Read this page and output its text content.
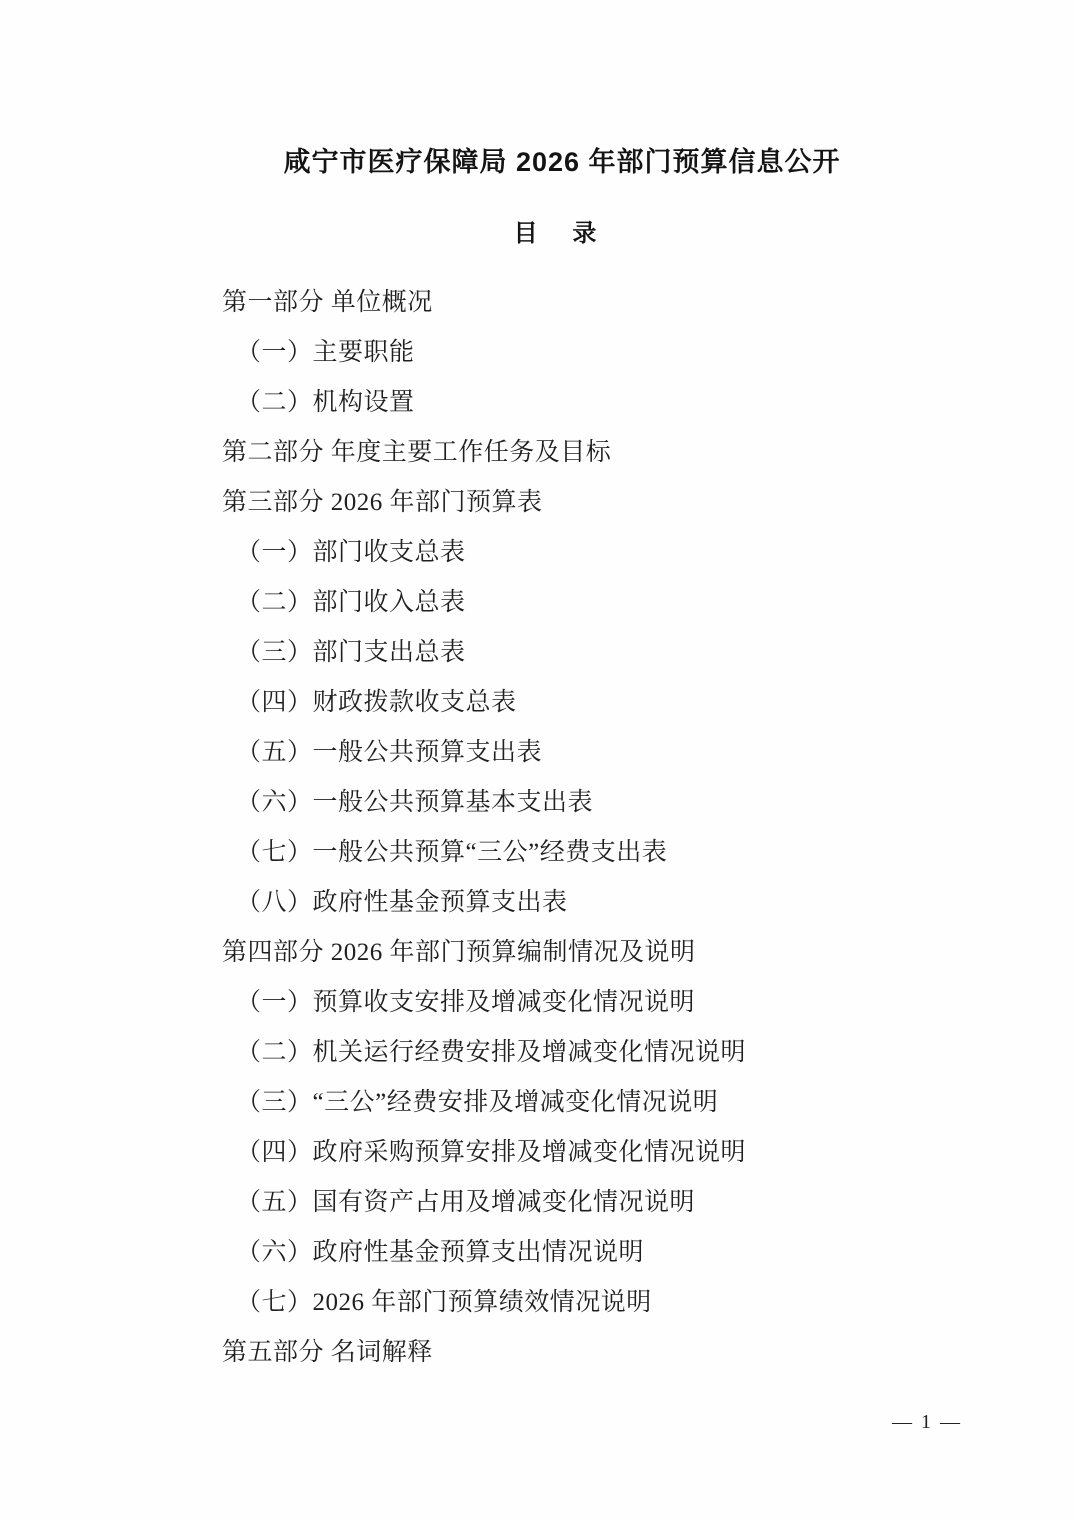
咸宁市医疗保障局 2026 年部门预算信息公开
目 录
第一部分 单位概况
（一）主要职能
（二）机构设置
第二部分 年度主要工作任务及目标
第三部分 2026 年部门预算表
（一）部门收支总表
（二）部门收入总表
（三）部门支出总表
（四）财政拨款收支总表
（五）一般公共预算支出表
（六）一般公共预算基本支出表
（七）一般公共预算“三公”经费支出表
（八）政府性基金预算支出表
第四部分 2026 年部门预算编制情况及说明
（一）预算收支安排及增减变化情况说明
（二）机关运行经费安排及增减变化情况说明
（三）“三公”经费安排及增减变化情况说明
（四）政府采购预算安排及增减变化情况说明
（五）国有资产占用及增减变化情况说明
（六）政府性基金预算支出情况说明
（七）2026 年部门预算绩效情况说明
第五部分 名词解释
— 1 —
